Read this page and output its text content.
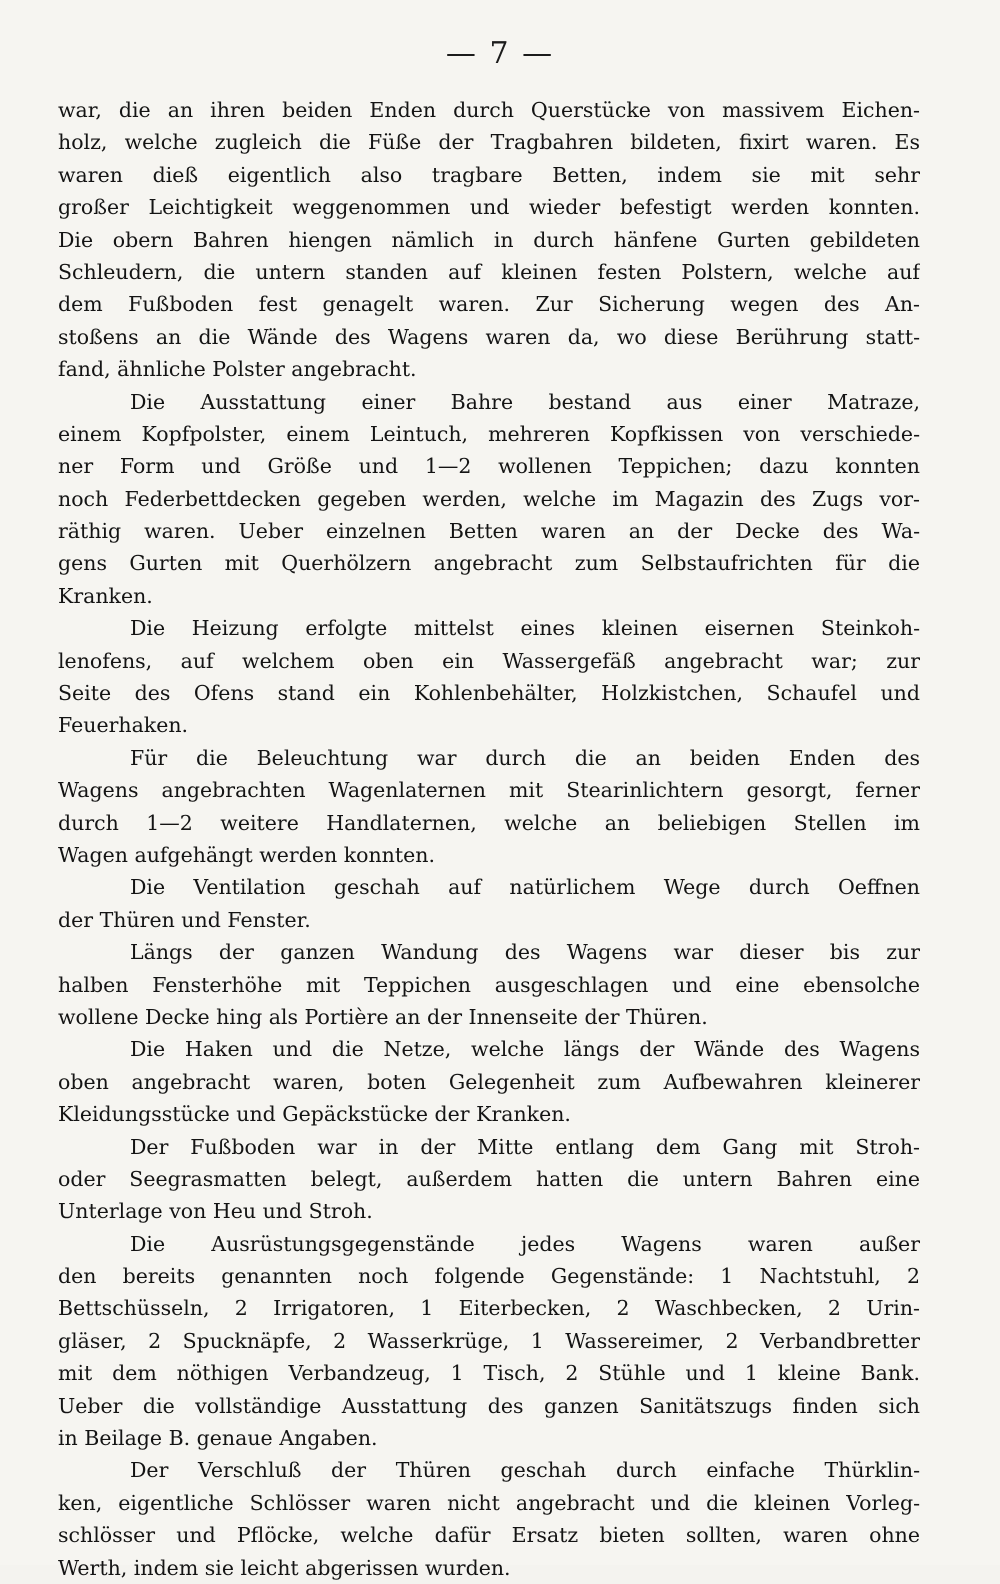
— 7 —
war, die an ihren beiden Enden durch Querstücke von massivem Eichen-
holz, welche zugleich die Füße der Tragbahren bildeten, fixirt waren. Es
waren dieß eigentlich also tragbare Betten, indem sie mit sehr
großer Leichtigkeit weggenommen und wieder befestigt werden konnten.
Die obern Bahren hiengen nämlich in durch hänfene Gurten gebildeten
Schleudern, die untern standen auf kleinen festen Polstern, welche auf
dem Fußboden fest genagelt waren. Zur Sicherung wegen des An-
stoßens an die Wände des Wagens waren da, wo diese Berührung statt-
fand, ähnliche Polster angebracht.
Die Ausstattung einer Bahre bestand aus einer Matraze,
einem Kopfpolster, einem Leintuch, mehreren Kopfkissen von verschiede-
ner Form und Größe und 1—2 wollenen Teppichen; dazu konnten
noch Federbettdecken gegeben werden, welche im Magazin des Zugs vor-
räthig waren. Ueber einzelnen Betten waren an der Decke des Wa-
gens Gurten mit Querhölzern angebracht zum Selbstaufrichten für die
Kranken.
Die Heizung erfolgte mittelst eines kleinen eisernen Steinkoh-
lenofens, auf welchem oben ein Wassergefäß angebracht war; zur
Seite des Ofens stand ein Kohlenbehälter, Holzkistchen, Schaufel und
Feuerhaken.
Für die Beleuchtung war durch die an beiden Enden des
Wagens angebrachten Wagenlaternen mit Stearinlichtern gesorgt, ferner
durch 1—2 weitere Handlaternen, welche an beliebigen Stellen im
Wagen aufgehängt werden konnten.
Die Ventilation geschah auf natürlichem Wege durch Oeffnen
der Thüren und Fenster.
Längs der ganzen Wandung des Wagens war dieser bis zur
halben Fensterhöhe mit Teppichen ausgeschlagen und eine ebensolche
wollene Decke hing als Portière an der Innenseite der Thüren.
Die Haken und die Netze, welche längs der Wände des Wagens
oben angebracht waren, boten Gelegenheit zum Aufbewahren kleinerer
Kleidungsstücke und Gepäckstücke der Kranken.
Der Fußboden war in der Mitte entlang dem Gang mit Stroh-
oder Seegrasmatten belegt, außerdem hatten die untern Bahren eine
Unterlage von Heu und Stroh.
Die Ausrüstungsgegenstände jedes Wagens waren außer
den bereits genannten noch folgende Gegenstände: 1 Nachtstuhl, 2
Bettschüsseln, 2 Irrigatoren, 1 Eiterbecken, 2 Waschbecken, 2 Urin-
gläser, 2 Spucknäpfe, 2 Wasserkrüge, 1 Wassereimer, 2 Verbandbretter
mit dem nöthigen Verbandzeug, 1 Tisch, 2 Stühle und 1 kleine Bank.
Ueber die vollständige Ausstattung des ganzen Sanitätszugs finden sich
in Beilage B. genaue Angaben.
Der Verschluß der Thüren geschah durch einfache Thürklin-
ken, eigentliche Schlösser waren nicht angebracht und die kleinen Vorleg-
schlösser und Pflöcke, welche dafür Ersatz bieten sollten, waren ohne
Werth, indem sie leicht abgerissen wurden.
